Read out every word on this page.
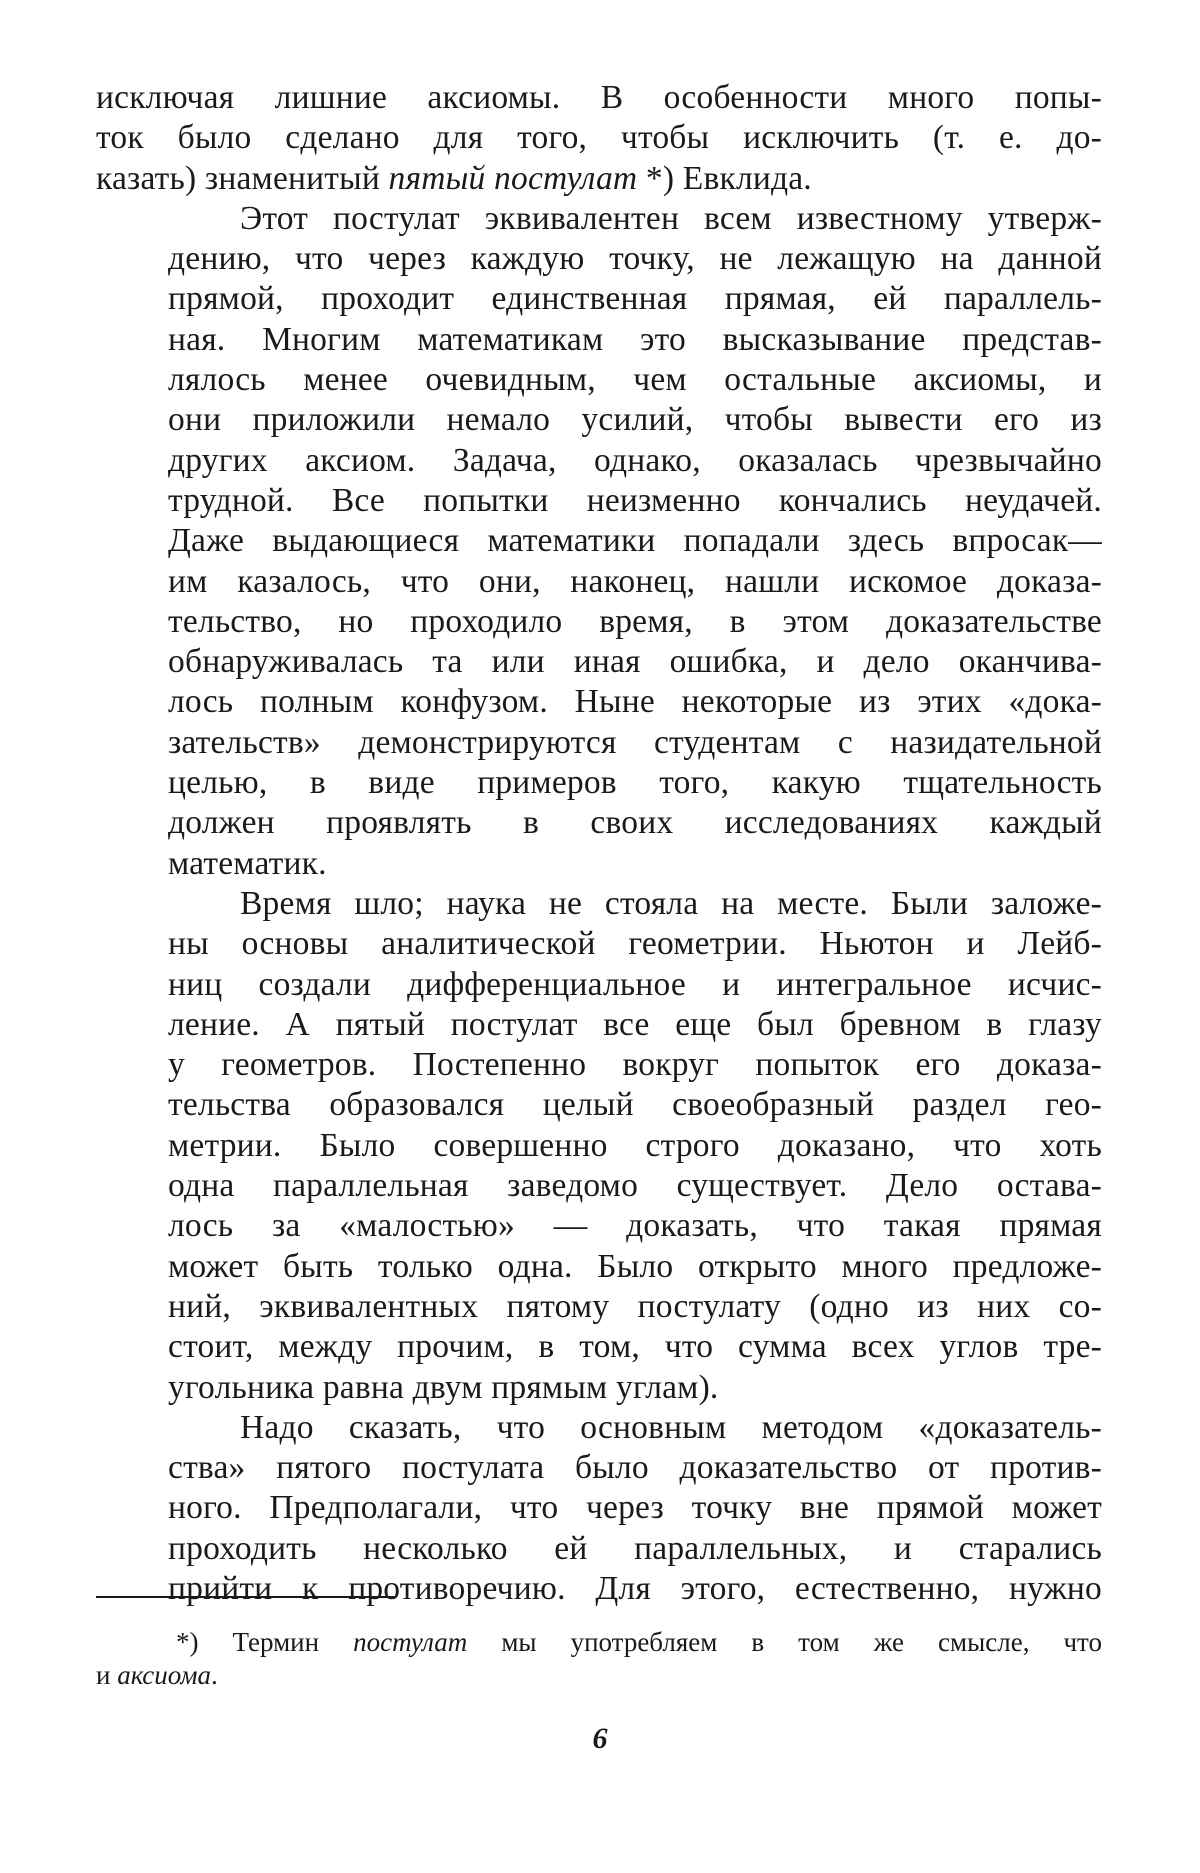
исключая лишние аксиомы. В особенности много попы-
ток было сделано для того, чтобы исключить (т. е. до-
казать) знаменитый пятый постулат *) Евклида.

Этот постулат эквивалентен всем известному утверж-
дению, что через каждую точку, не лежащую на данной
прямой, проходит единственная прямая, ей параллель-
ная. Многим математикам это высказывание представ-
лялось менее очевидным, чем остальные аксиомы, и
они приложили немало усилий, чтобы вывести его из
других аксиом. Задача, однако, оказалась чрезвычайно
трудной. Все попытки неизменно кончались неудачей.
Даже выдающиеся математики попадали здесь впросак—
им казалось, что они, наконец, нашли искомое доказа-
тельство, но проходило время, в этом доказательстве
обнаруживалась та или иная ошибка, и дело оканчива-
лось полным конфузом. Ныне некоторые из этих «дока-
зательств» демонстрируются студентам с назидательной
целью, в виде примеров того, какую тщательность
должен проявлять в своих исследованиях каждый
математик.

Время шло; наука не стояла на месте. Были заложе-
ны основы аналитической геометрии. Ньютон и Лейб-
ниц создали дифференциальное и интегральное исчис-
ление. А пятый постулат все еще был бревном в глазу
у геометров. Постепенно вокруг попыток его доказа-
тельства образовался целый своеобразный раздел гео-
метрии. Было совершенно строго доказано, что хоть
одна параллельная заведомо существует. Дело остава-
лось за «малостью» — доказать, что такая прямая
может быть только одна. Было открыто много предложе-
ний, эквивалентных пятому постулату (одно из них со-
стоит, между прочим, в том, что сумма всех углов тре-
угольника равна двум прямым углам).

Надо сказать, что основным методом «доказатель-
ства» пятого постулата было доказательство от против-
ного. Предполагали, что через точку вне прямой может
проходить несколько ей параллельных, и старались
прийти к противоречию. Для этого, естественно, нужно

*) Термин постулат мы употребляем в том же смысле, что
и аксиома.
6
